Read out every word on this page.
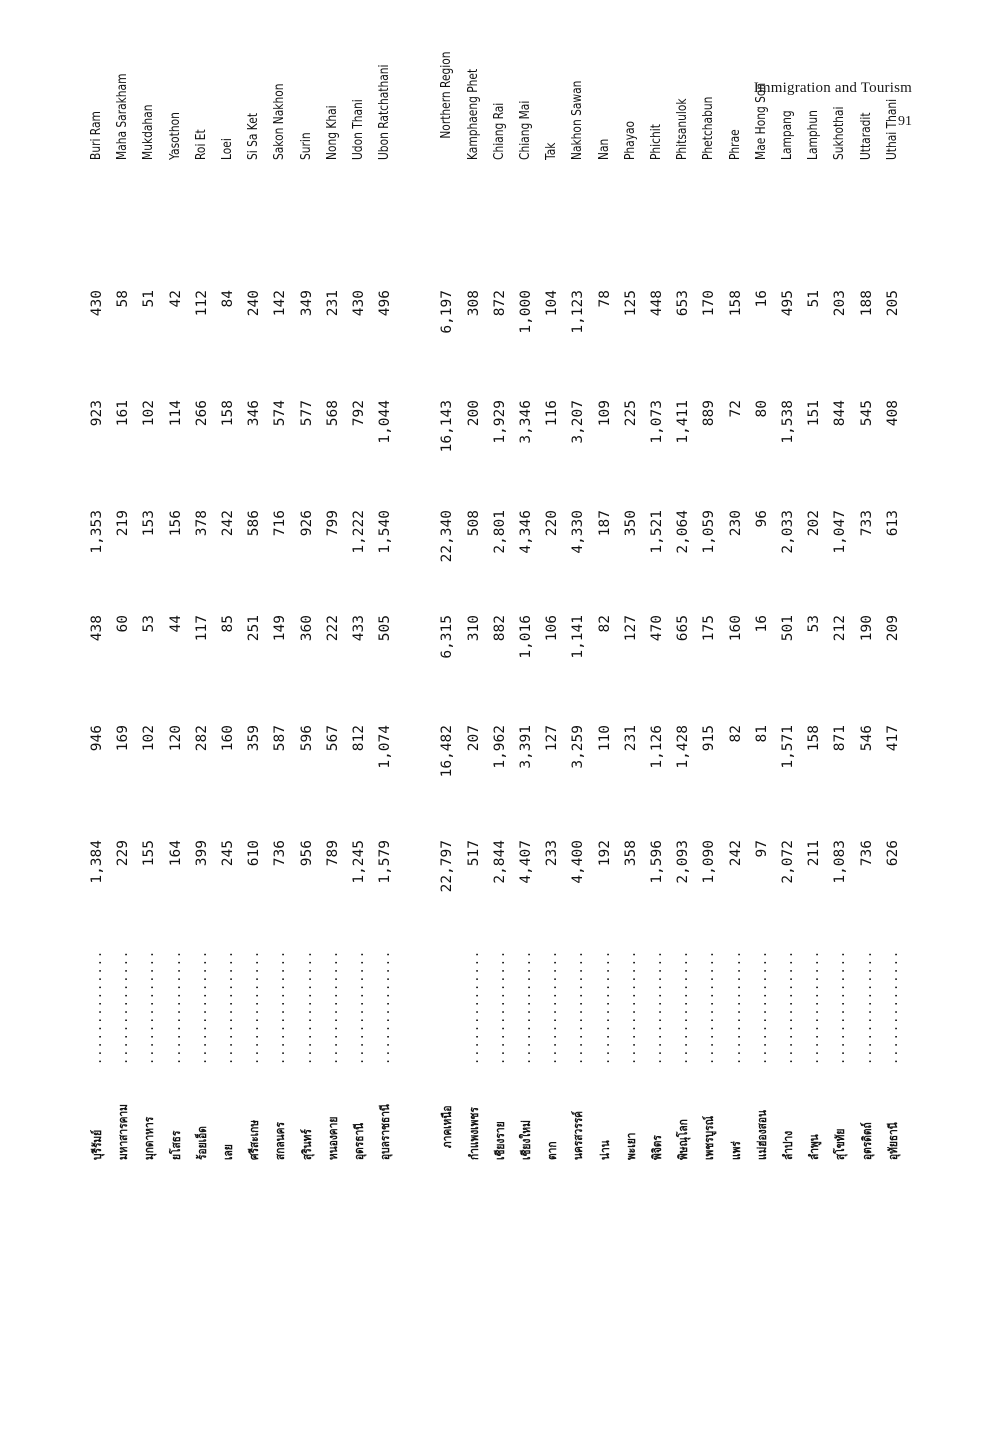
Immigration and Tourism
91
บุรีรัมย์
..............
1,384
946
438
1,353
923
430
Buri Ram
มหาสารคาม
..............
229
169
60
219
161
58
Maha Sarakham
มุกดาหาร
..............
155
102
53
153
102
51
Mukdahan
ยโสธร
..............
164
120
44
156
114
42
Yasothon
ร้อยเอ็ด
..............
399
282
117
378
266
112
Roi Et
เลย
..............
245
160
85
242
158
84
Loei
ศรีสะเกษ
..............
610
359
251
586
346
240
Si Sa Ket
สกลนคร
..............
736
587
149
716
574
142
Sakon Nakhon
สุรินทร์
..............
956
596
360
926
577
349
Surin
หนองคาย
..............
789
567
222
799
568
231
Nong Khai
อุดรธานี
..............
1,245
812
433
1,222
792
430
Udon Thani
อุบลราชธานี
..............
1,579
1,074
505
1,540
1,044
496
Ubon Ratchathani
ภาคเหนือ
22,797
16,482
6,315
22,340
16,143
6,197
Northern Region
กำแพงเพชร
..............
517
207
310
508
200
308
Kamphaeng Phet
เชียงราย
..............
2,844
1,962
882
2,801
1,929
872
Chiang Rai
เชียงใหม่
..............
4,407
3,391
1,016
4,346
3,346
1,000
Chiang Mai
ตาก
..............
233
127
106
220
116
104
Tak
นครสวรรค์
..............
4,400
3,259
1,141
4,330
3,207
1,123
Nakhon Sawan
น่าน
..............
192
110
82
187
109
78
Nan
พะเยา
..............
358
231
127
350
225
125
Phayao
พิจิตร
..............
1,596
1,126
470
1,521
1,073
448
Phichit
พิษณุโลก
..............
2,093
1,428
665
2,064
1,411
653
Phitsanulok
เพชรบูรณ์
..............
1,090
915
175
1,059
889
170
Phetchabun
แพร่
..............
242
82
160
230
72
158
Phrae
แม่ฮ่องสอน
..............
97
81
16
96
80
16
Mae Hong Son
ลำปาง
..............
2,072
1,571
501
2,033
1,538
495
Lampang
ลำพูน
..............
211
158
53
202
151
51
Lamphun
สุโขทัย
..............
1,083
871
212
1,047
844
203
Sukhothai
อุตรดิตถ์
..............
736
546
190
733
545
188
Uttaradit
อุทัยธานี
..............
626
417
209
613
408
205
Uthai Thani
